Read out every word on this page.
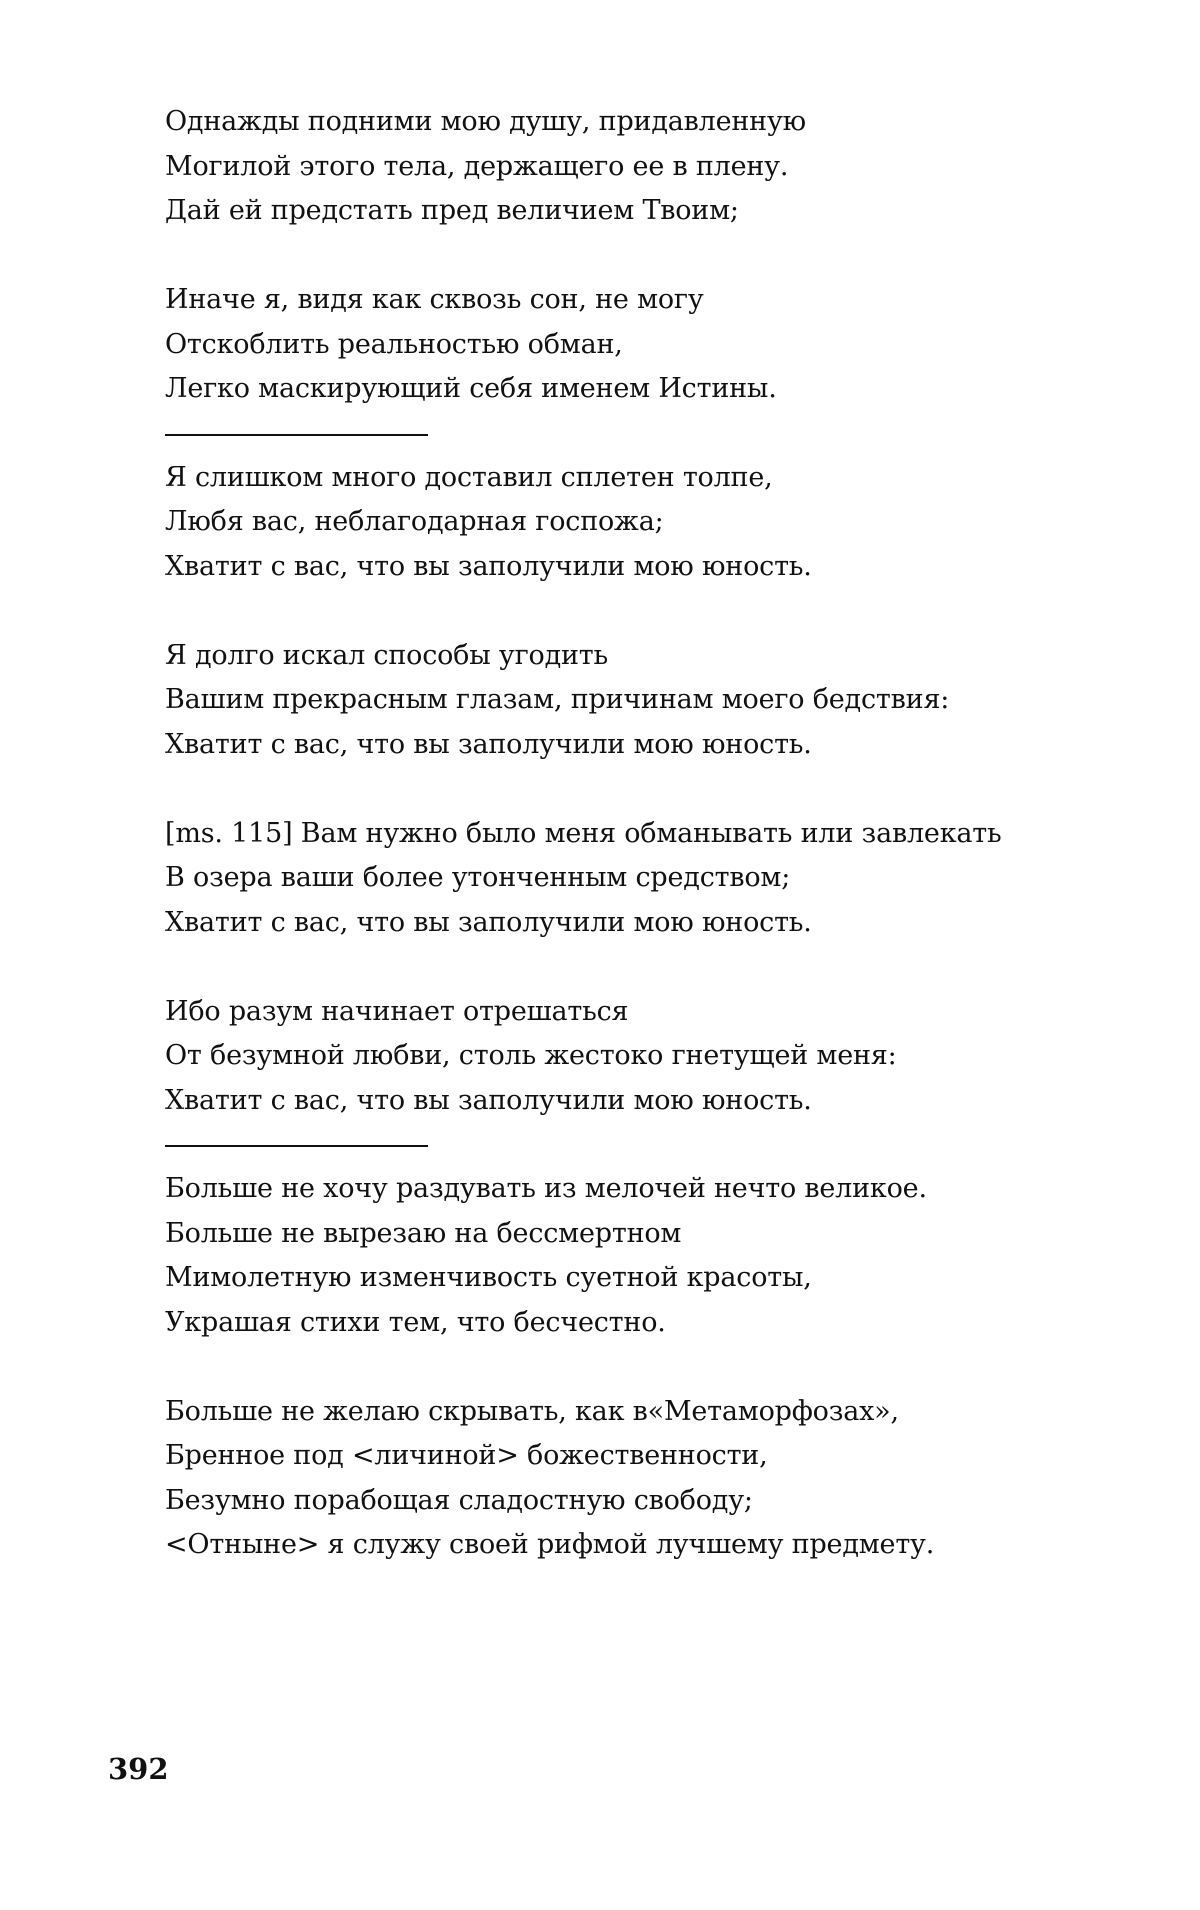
Однажды подними мою душу, придавленную
Могилой этого тела, держащего ее в плену.
Дай ей предстать пред величием Твоим;
Иначе я, видя как сквозь сон, не могу
Отскоблить реальностью обман,
Легко маскирующий себя именем Истины.
Я слишком много доставил сплетен толпе,
Любя вас, неблагодарная госпожа;
Хватит с вас, что вы заполучили мою юность.
Я долго искал способы угодить
Вашим прекрасным глазам, причинам моего бедствия:
Хватит с вас, что вы заполучили мою юность.
[ms. 115] Вам нужно было меня обманывать или завлекать
В озера ваши более утонченным средством;
Хватит с вас, что вы заполучили мою юность.
Ибо разум начинает отрешаться
От безумной любви, столь жестоко гнетущей меня:
Хватит с вас, что вы заполучили мою юность.
Больше не хочу раздувать из мелочей нечто великое.
Больше не вырезаю на бессмертном
Мимолетную изменчивость суетной красоты,
Украшая стихи тем, что бесчестно.
Больше не желаю скрывать, как в«Метаморфозах»,
Бренное под <личиной> божественности,
Безумно порабощая сладостную свободу;
<Отныне> я служу своей рифмой лучшему предмету.
392
